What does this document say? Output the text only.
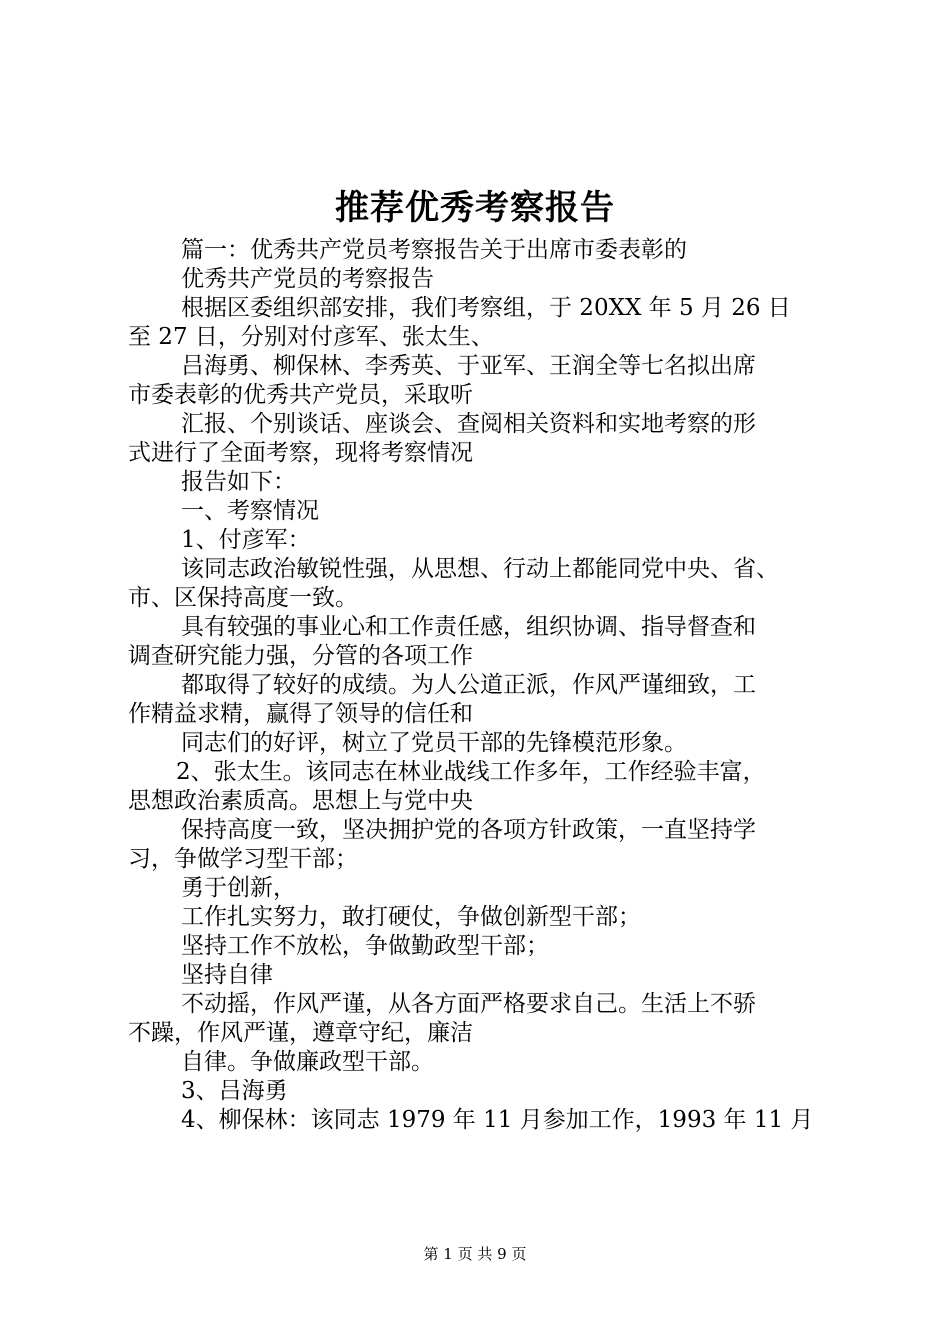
推荐优秀考察报告
篇一：优秀共产党员考察报告关于出席市委表彰的
优秀共产党员的考察报告
根据区委组织部安排，我们考察组，于 20XX 年 5 月 26 日
至 27 日，分别对付彦军、张太生、
吕海勇、柳保林、李秀英、于亚军、王润全等七名拟出席
市委表彰的优秀共产党员，采取听
汇报、个别谈话、座谈会、查阅相关资料和实地考察的形
式进行了全面考察，现将考察情况
报告如下：
一、考察情况
1、付彦军：
该同志政治敏锐性强，从思想、行动上都能同党中央、省、
市、区保持高度一致。
具有较强的事业心和工作责任感，组织协调、指导督查和
调查研究能力强，分管的各项工作
都取得了较好的成绩。为人公道正派，作风严谨细致，工
作精益求精，赢得了领导的信任和
同志们的好评，树立了党员干部的先锋模范形象。
2、张太生。该同志在林业战线工作多年，工作经验丰富，
思想政治素质高。思想上与党中央
保持高度一致，坚决拥护党的各项方针政策，一直坚持学
习，争做学习型干部；
勇于创新，
工作扎实努力，敢打硬仗，争做创新型干部；
坚持工作不放松，争做勤政型干部；
坚持自律
不动摇，作风严谨，从各方面严格要求自己。生活上不骄
不躁，作风严谨，遵章守纪，廉洁
自律。争做廉政型干部。
3、吕海勇
4、柳保林：该同志 1979 年 11 月参加工作，1993 年 11 月
第 1 页 共 9 页
